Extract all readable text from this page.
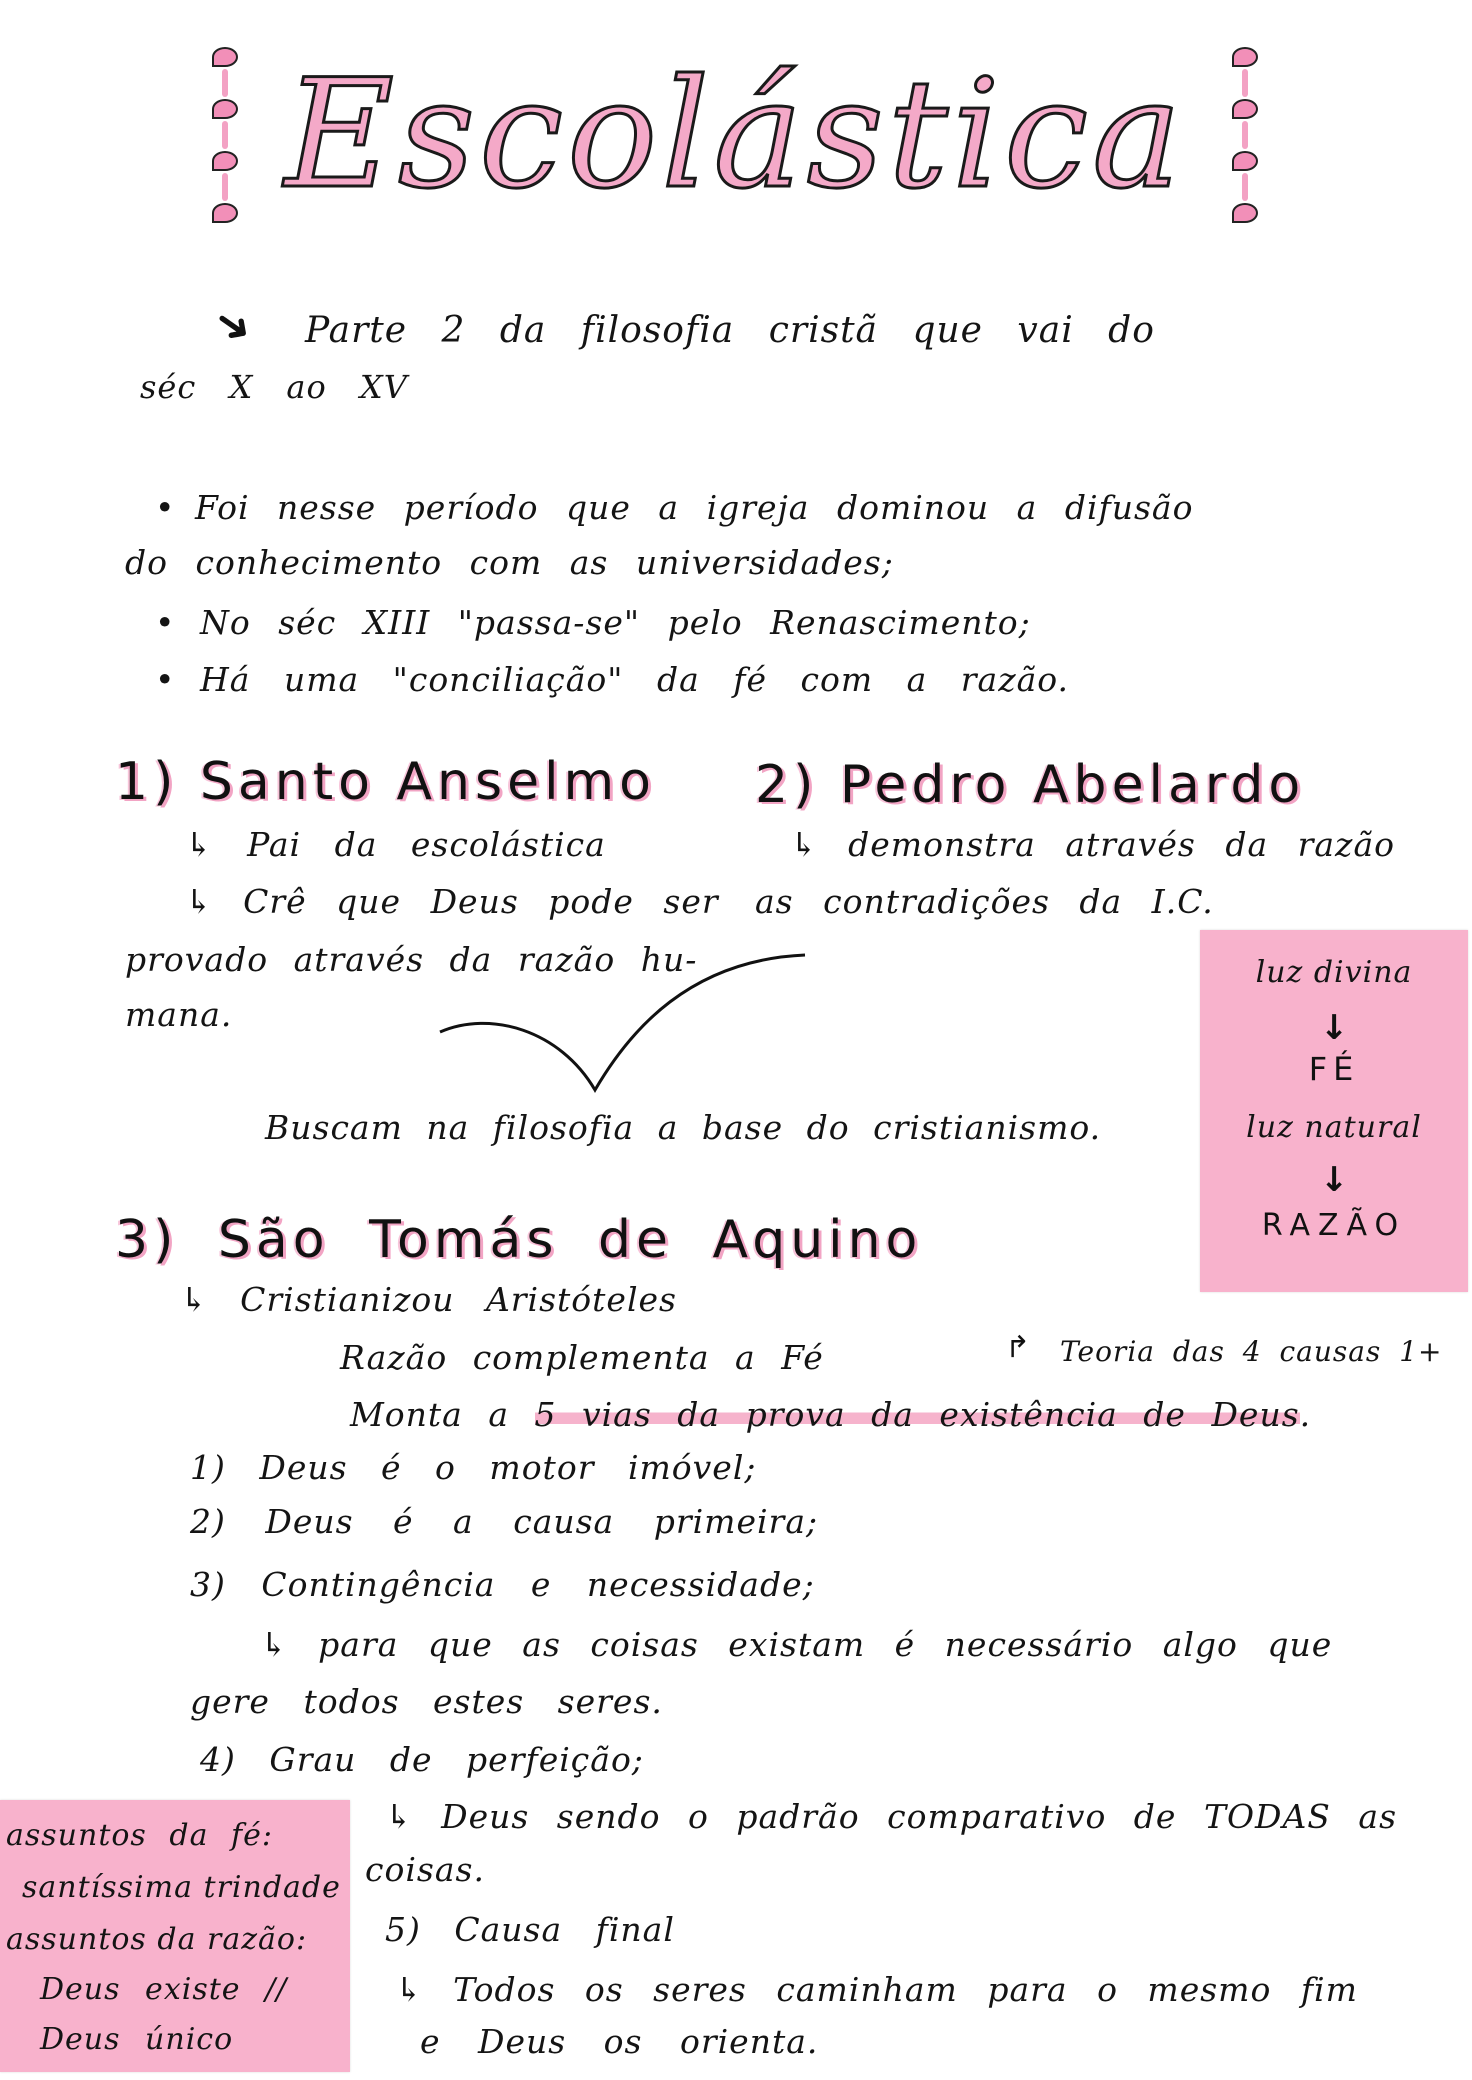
Escolástica
➜ Parte 2 da filosofia cristã que vai do
séc X ao XV
• Foi nesse período que a igreja dominou a difusão
do conhecimento com as universidades;
• No séc XIII "passa-se" pelo Renascimento;
• Há uma "conciliação" da fé com a razão.
1) Santo Anselmo 2) Pedro Abelardo
↳ Pai da escolástica	↳ demonstra através da razão
↳ Crê que Deus pode ser as contradições da I.C.
provado através da razão hu-
mana.
Buscam na filosofia a base do cristianismo.
luz divina
↓
FÉ
luz natural
↓
RAZÃO
3) São Tomás de Aquino
↳ Cristianizou Aristóteles
Razão complementa a Fé	↱ Teoria das 4 causas 1+
Monta a 5 vias da prova da existência de Deus.
1) Deus é o motor imóvel;
2) Deus é a causa primeira;
3) Contingência e necessidade;
↳ para que as coisas existam é necessário algo que
gere todos estes seres.
4) Grau de perfeição;
↳ Deus sendo o padrão comparativo de TODAS as
coisas.
5) Causa final
↳ Todos os seres caminham para o mesmo fim
e Deus os orienta.
assuntos da fé:
santíssima trindade
assuntos da razão:
Deus existe //
Deus único
